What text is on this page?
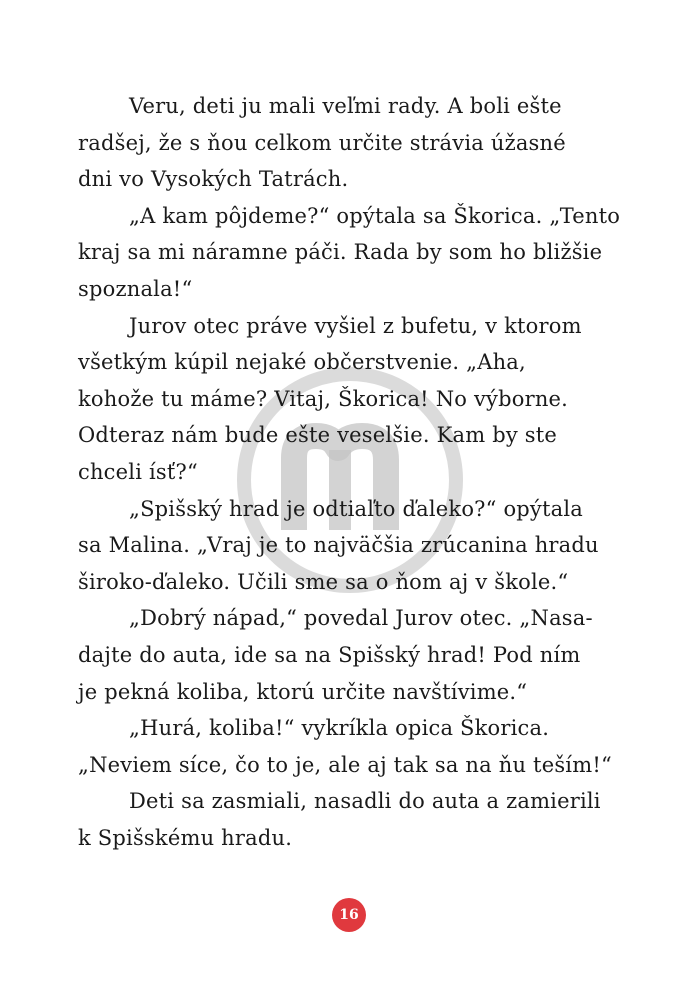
Veru, deti ju mali veľmi rady. A boli ešte
radšej, že s ňou celkom určite strávia úžasné
dni vo Vysokých Tatrách.
„A kam pôjdeme?“ opýtala sa Škorica. „Tento
kraj sa mi náramne páči. Rada by som ho bližšie
spoznala!“
Jurov otec práve vyšiel z bufetu, v ktorom
všetkým kúpil nejaké občerstvenie. „Aha,
kohože tu máme? Vitaj, Škorica! No výborne.
Odteraz nám bude ešte veselšie. Kam by ste
chceli ísť?“
„Spišský hrad je odtiaľto ďaleko?“ opýtala
sa Malina. „Vraj je to najväčšia zrúcanina hradu
široko-ďaleko. Učili sme sa o ňom aj v škole.“
„Dobrý nápad,“ povedal Jurov otec. „Nasa-
dajte do auta, ide sa na Spišský hrad! Pod ním
je pekná koliba, ktorú určite navštívime.“
„Hurá, koliba!“ vykríkla opica Škorica.
„Neviem síce, čo to je, ale aj tak sa na ňu teším!“
Deti sa zasmiali, nasadli do auta a zamierili
k Spišskému hradu.
16
